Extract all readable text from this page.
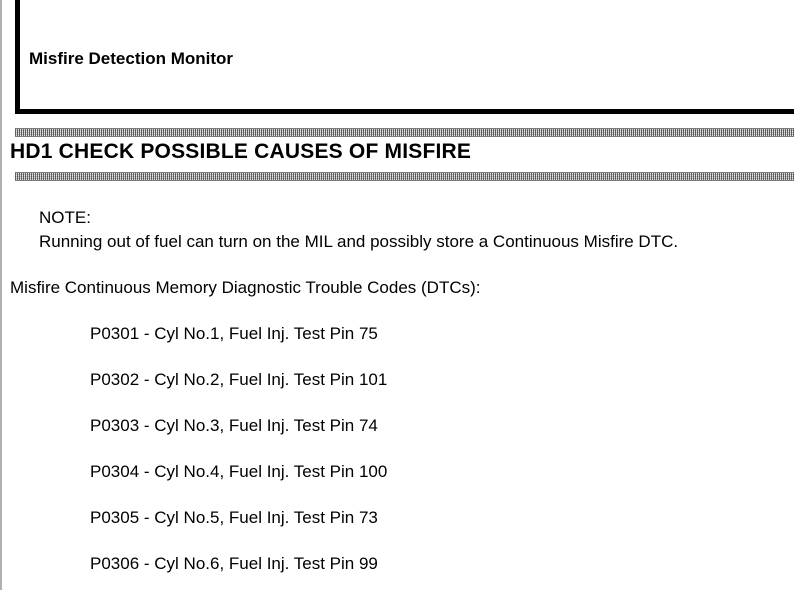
Misfire Detection Monitor
HD1 CHECK POSSIBLE CAUSES OF MISFIRE
NOTE:
Running out of fuel can turn on the MIL and possibly store a Continuous Misfire DTC.
Misfire Continuous Memory Diagnostic Trouble Codes (DTCs):
P0301 - Cyl No.1, Fuel Inj. Test Pin 75
P0302 - Cyl No.2, Fuel Inj. Test Pin 101
P0303 - Cyl No.3, Fuel Inj. Test Pin 74
P0304 - Cyl No.4, Fuel Inj. Test Pin 100
P0305 - Cyl No.5, Fuel Inj. Test Pin 73
P0306 - Cyl No.6, Fuel Inj. Test Pin 99
